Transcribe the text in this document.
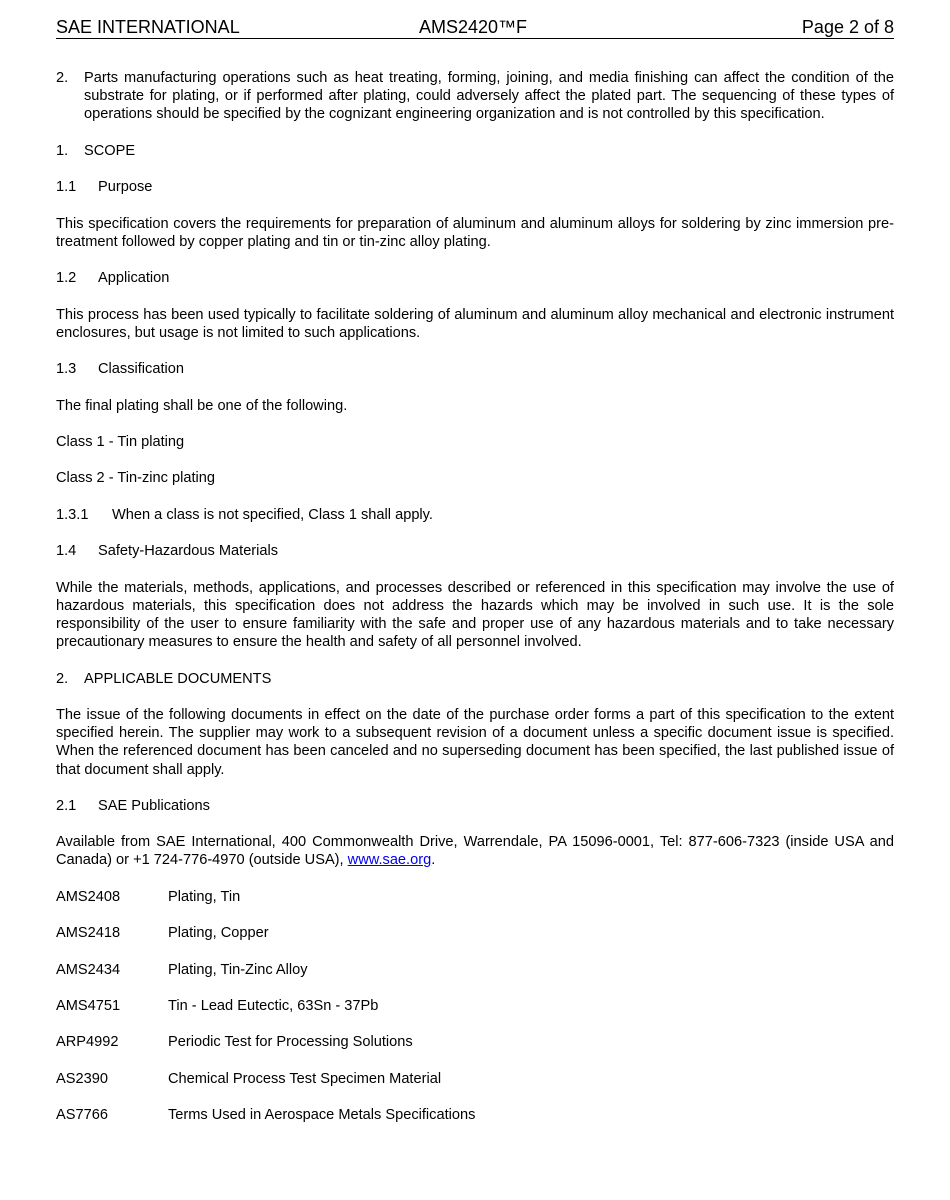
SAE INTERNATIONAL	AMS2420™F	Page 2 of 8
2. Parts manufacturing operations such as heat treating, forming, joining, and media finishing can affect the condition of the substrate for plating, or if performed after plating, could adversely affect the plated part. The sequencing of these types of operations should be specified by the cognizant engineering organization and is not controlled by this specification.
1.	SCOPE
1.1	Purpose

This specification covers the requirements for preparation of aluminum and aluminum alloys for soldering by zinc immersion pre-treatment followed by copper plating and tin or tin-zinc alloy plating.

1.2	Application

This process has been used typically to facilitate soldering of aluminum and aluminum alloy mechanical and electronic instrument enclosures, but usage is not limited to such applications.

1.3	Classification

The final plating shall be one of the following.

Class 1 - Tin plating

Class 2 - Tin-zinc plating

1.3.1	When a class is not specified, Class 1 shall apply.
1.4	Safety-Hazardous Materials

While the materials, methods, applications, and processes described or referenced in this specification may involve the use of hazardous materials, this specification does not address the hazards which may be involved in such use. It is the sole responsibility of the user to ensure familiarity with the safe and proper use of any hazardous materials and to take necessary precautionary measures to ensure the health and safety of all personnel involved.

2.	APPLICABLE DOCUMENTS

The issue of the following documents in effect on the date of the purchase order forms a part of this specification to the extent specified herein. The supplier may work to a subsequent revision of a document unless a specific document issue is specified. When the referenced document has been canceled and no superseding document has been specified, the last published issue of that document shall apply.

2.1	SAE Publications

Available from SAE International, 400 Commonwealth Drive, Warrendale, PA 15096-0001, Tel: 877-606-7323 (inside USA and Canada) or +1 724-776-4970 (outside USA), www.sae.org.

AMS2408	Plating, Tin
AMS2418	Plating, Copper
AMS2434	Plating, Tin-Zinc Alloy
AMS4751	Tin - Lead Eutectic, 63Sn - 37Pb
ARP4992	Periodic Test for Processing Solutions
AS2390	Chemical Process Test Specimen Material
AS7766	Terms Used in Aerospace Metals Specifications
